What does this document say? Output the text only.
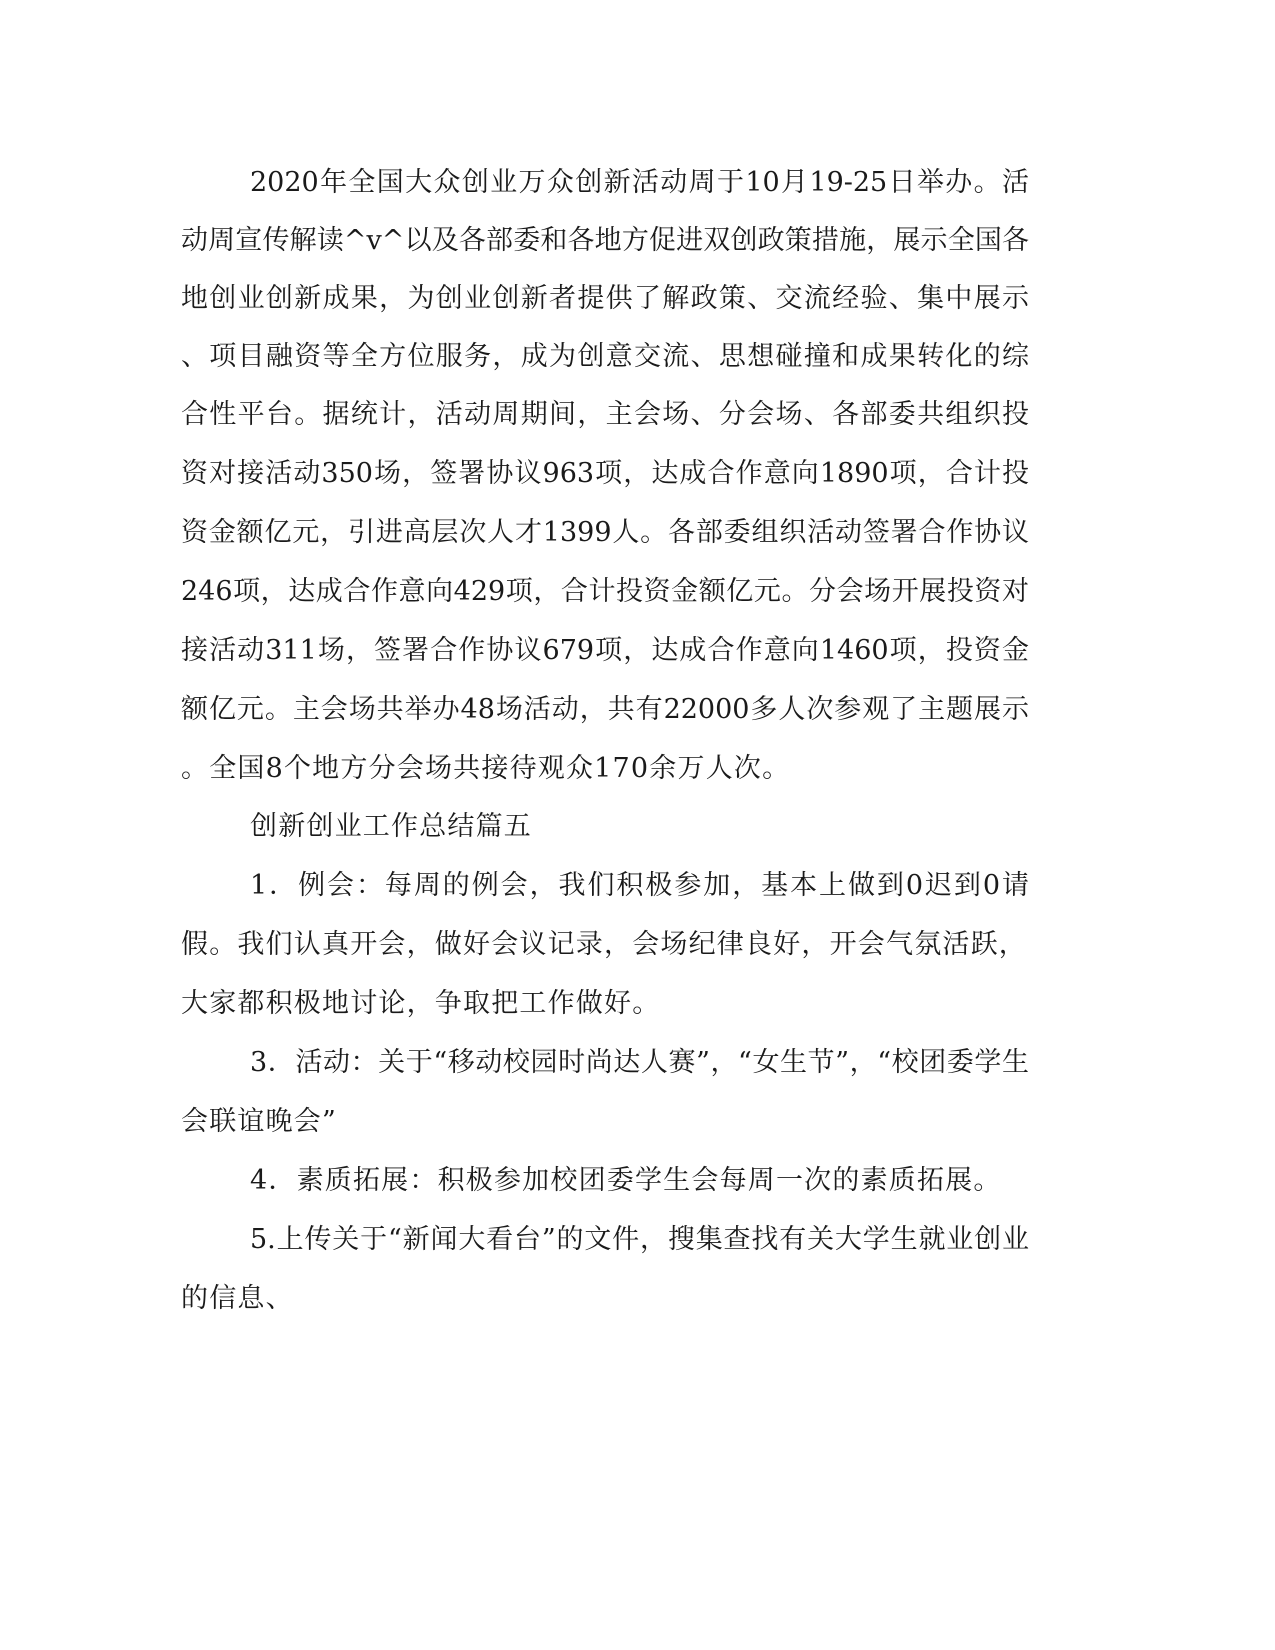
2020年全国大众创业万众创新活动周于10月19-25日举办。活
动周宣传解读^v^以及各部委和各地方促进双创政策措施，展示全国各
地创业创新成果，为创业创新者提供了解政策、交流经验、集中展示
、项目融资等全方位服务，成为创意交流、思想碰撞和成果转化的综
合性平台。据统计，活动周期间，主会场、分会场、各部委共组织投
资对接活动350场，签署协议963项，达成合作意向1890项，合计投
资金额亿元，引进高层次人才1399人。各部委组织活动签署合作协议
246项，达成合作意向429项，合计投资金额亿元。分会场开展投资对
接活动311场，签署合作协议679项，达成合作意向1460项，投资金
额亿元。主会场共举办48场活动，共有22000多人次参观了主题展示
。全国8个地方分会场共接待观众170余万人次。
创新创业工作总结篇五
1．例会：每周的例会，我们积极参加，基本上做到0迟到0请
假。我们认真开会，做好会议记录，会场纪律良好，开会气氛活跃，
大家都积极地讨论，争取把工作做好。
3．活动：关于“移动校园时尚达人赛”，“女生节”，“校团委学生
会联谊晚会”
4．素质拓展：积极参加校团委学生会每周一次的素质拓展。
5.上传关于“新闻大看台”的文件，搜集查找有关大学生就业创业
的信息、
